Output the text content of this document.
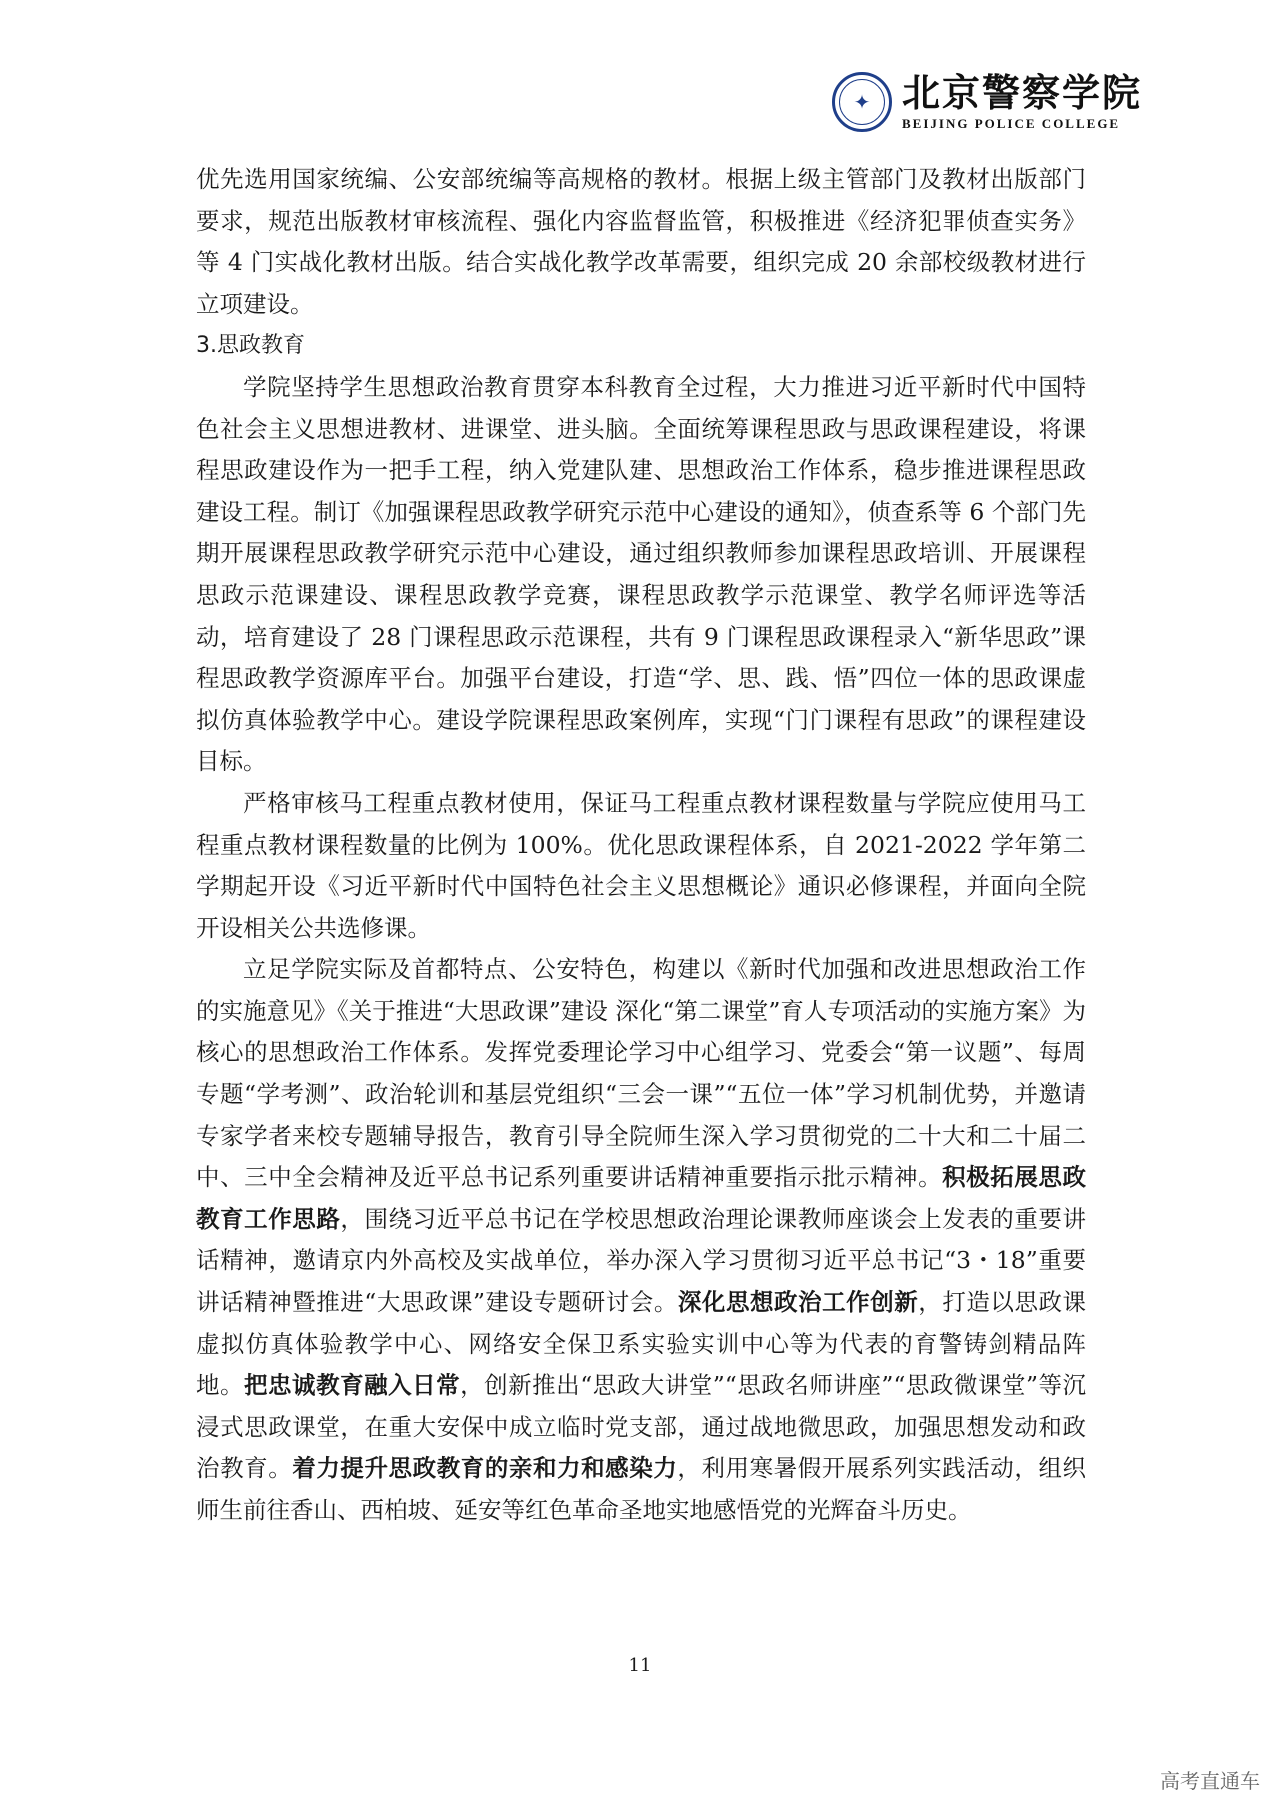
✦ 北京警察学院
BEIJING POLICE COLLEGE

优先选用国家统编、公安部统编等高规格的教材。根据上级主管部门及教材出版部门要求，规范出版教材审核流程、强化内容监督监管，积极推进《经济犯罪侦查实务》等 4 门实战化教材出版。结合实战化教学改革需要，组织完成 20 余部校级教材进行立项建设。

3.思政教育

学院坚持学生思想政治教育贯穿本科教育全过程，大力推进习近平新时代中国特色社会主义思想进教材、进课堂、进头脑。全面统筹课程思政与思政课程建设，将课程思政建设作为一把手工程，纳入党建队建、思想政治工作体系，稳步推进课程思政建设工程。制订《加强课程思政教学研究示范中心建设的通知》，侦查系等 6 个部门先期开展课程思政教学研究示范中心建设，通过组织教师参加课程思政培训、开展课程思政示范课建设、课程思政教学竞赛，课程思政教学示范课堂、教学名师评选等活动，培育建设了 28 门课程思政示范课程，共有 9 门课程思政课程录入“新华思政”课程思政教学资源库平台。加强平台建设，打造“学、思、践、悟”四位一体的思政课虚拟仿真体验教学中心。建设学院课程思政案例库，实现“门门课程有思政”的课程建设目标。

严格审核马工程重点教材使用，保证马工程重点教材课程数量与学院应使用马工程重点教材课程数量的比例为 100%。优化思政课程体系，自 2021-2022 学年第二学期起开设《习近平新时代中国特色社会主义思想概论》通识必修课程，并面向全院开设相关公共选修课。

立足学院实际及首都特点、公安特色，构建以《新时代加强和改进思想政治工作的实施意见》《关于推进“大思政课”建设 深化“第二课堂”育人专项活动的实施方案》为核心的思想政治工作体系。发挥党委理论学习中心组学习、党委会“第一议题”、每周专题“学考测”、政治轮训和基层党组织“三会一课”“五位一体”学习机制优势，并邀请专家学者来校专题辅导报告，教育引导全院师生深入学习贯彻党的二十大和二十届二中、三中全会精神及近平总书记系列重要讲话精神重要指示批示精神。积极拓展思政教育工作思路，围绕习近平总书记在学校思想政治理论课教师座谈会上发表的重要讲话精神，邀请京内外高校及实战单位，举办深入学习贯彻习近平总书记“3・18”重要讲话精神暨推进“大思政课”建设专题研讨会。深化思想政治工作创新，打造以思政课虚拟仿真体验教学中心、网络安全保卫系实验实训中心等为代表的育警铸剑精品阵地。把忠诚教育融入日常，创新推出“思政大讲堂”“思政名师讲座”“思政微课堂”等沉浸式思政课堂，在重大安保中成立临时党支部，通过战地微思政，加强思想发动和政治教育。着力提升思政教育的亲和力和感染力，利用寒暑假开展系列实践活动，组织师生前往香山、西柏坡、延安等红色革命圣地实地感悟党的光辉奋斗历史。

11
高考直通车
